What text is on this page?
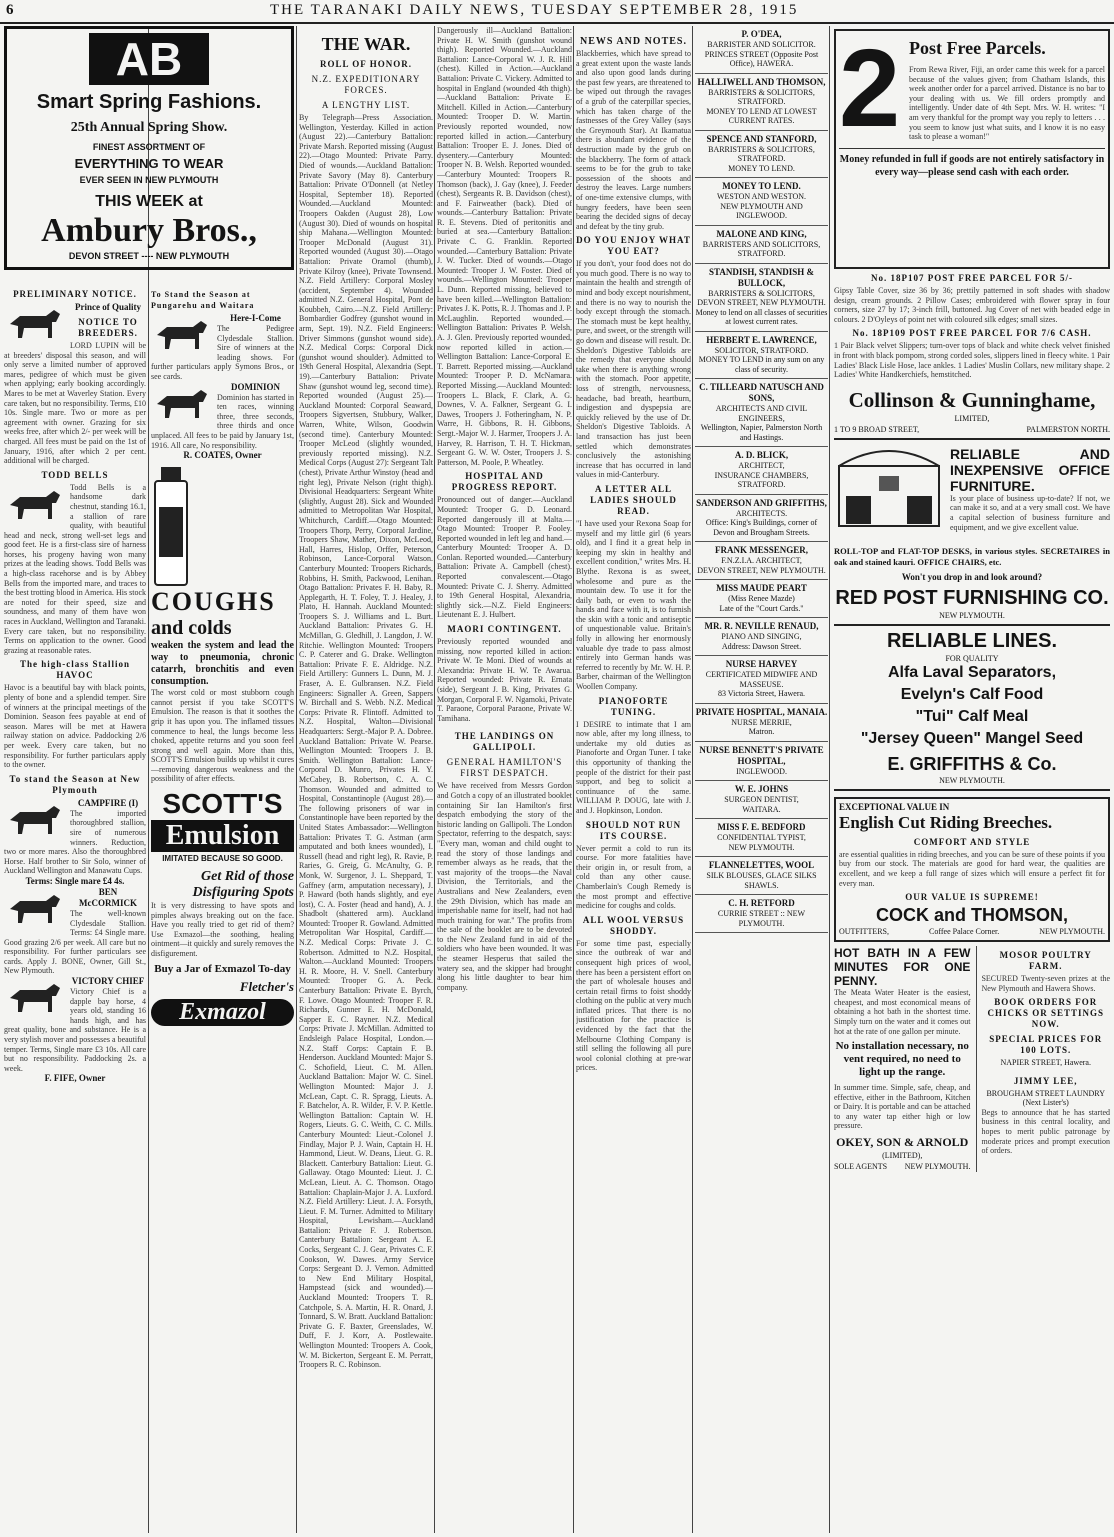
6	THE TARANAKI DAILY NEWS, TUESDAY SEPTEMBER 28, 1915
AB
Smart Spring Fashions.
25th Annual Spring Show.
FINEST ASSORTMENT OF
EVERYTHING TO WEAR
EVER SEEN IN NEW PLYMOUTH
THIS WEEK at
Ambury Bros.,
DEVON STREET ---- NEW PLYMOUTH
PRELIMINARY NOTICE.
Prince of Quality
NOTICE TO BREEDERS.
LORD LUPIN will be at breeders' disposal this season, and will only serve a limited number of approved mares, pedigree of which must be given when applying; early booking accordingly. Mares to be met at Waverley Station. Every care taken, but no responsibility. Terms, £10 10s. Single mare. Two or more as per agreement with owner. Grazing for six weeks free, after which 2/- per week will be charged. All fees must be paid on the 1st of January, 1916, after which 2 per cent. additional will be charged.
TODD BELLS
Todd Bells is a handsome dark chestnut, standing 16.1, a stallion of rare quality, with beautiful head and neck, strong well-set legs and good feet. He is a first-class sire of harness horses, his progeny having won many prizes at the leading shows. Todd Bells was a high-class racehorse and is by Abbey Bells from the imported mare, and traces to the best trotting blood in America. His stock are noted for their speed, size and soundness, and many of them have won races in Auckland, Wellington and Taranaki. Every care taken, but no responsibility. Terms on application to the owner. Good grazing at reasonable rates.
The high-class Stallion HAVOC
Havoc is a beautiful bay with black points, plenty of bone and a splendid temper. Sire of winners at the principal meetings of the Dominion. Season fees payable at end of season. Mares will be met at Hawera railway station on advice. Paddocking 2/6 per week. Every care taken, but no responsibility. For further particulars apply to the owner.
To stand the Season at New Plymouth
CAMPFIRE (I)
The imported thoroughbred stallion, sire of numerous winners. Reduction, two or more mares. Also the thoroughbred Horse. Half brother to Sir Solo, winner of Auckland Wellington and Manawatu Cups.
Terms: Single mare £4 4s.
BEN McCORMICK
The well-known Clydesdale Stallion. Terms: £4 Single mare. Good grazing 2/6 per week. All care but no responsibility. For further particulars see cards. Apply J. BONE, Owner, Gill St., New Plymouth.
VICTORY CHIEF
Victory Chief is a dapple bay horse, 4 years old, standing 16 hands high, and has great quality, bone and substance. He is a very stylish mover and possesses a beautiful temper. Terms, Single mare £3 10s. All care but no responsibility. Paddocking 2s. a week.
F. FIFE, Owner
To Stand the Season at Pungarehu and Waitara
Here-I-Come
The Pedigree Clydesdale Stallion. Sire of winners at the leading shows. For further particulars apply Symons Bros., or see cards.
DOMINION
Dominion has started in ten races, winning three, three seconds, three thirds and once unplaced. All fees to be paid by January 1st, 1916. All care, No responsibility.
R. COATES, Owner
COUGHS
and colds
weaken the system and lead the way to pneumonia, chronic catarrh, bronchitis and even consumption.
The worst cold or most stubborn cough cannot persist if you take SCOTT'S Emulsion. The reason is that it soothes the grip it has upon you. The inflamed tissues commence to heal, the lungs become less choked, appetite returns and you soon feel strong and well again. More than this, SCOTT'S Emulsion builds up whilst it cures—removing dangerous weakness and the possibility of after effects.
SCOTT'S
Emulsion
IMITATED BECAUSE SO GOOD.
Get Rid of those Disfiguring Spots
It is very distressing to have spots and pimples always breaking out on the face. Have you really tried to get rid of them? Use Exmazol—the soothing, healing ointment—it quickly and surely removes the disfigurement.
Buy a Jar of Exmazol To-day
Fletcher's
Exmazol
THE WAR.
ROLL OF HONOR.
N.Z. EXPEDITIONARY FORCES.
A LENGTHY LIST.
By Telegraph—Press Association. Wellington, Yesterday. Killed in action (August 22).—Canterbury Battalion: Private Marsh. Reported missing (August 22).—Otago Mounted: Private Parry. Died of wounds.—Auckland Battalion: Private Savory (May 8). Canterbury Battalion: Private O'Donnell (at Netley Hospital, September 18). Reported Wounded.—Auckland Mounted: Troopers Oakden (August 28), Low (August 30). Died of wounds on hospital ship Mahana.—Wellington Mounted: Trooper McDonald (August 31). Reported wounded (August 30).—Otago Battalion: Private Oramol (thumb), Private Kilroy (knee), Private Townsend. N.Z. Field Artillery: Corporal Mosley (accident, September 4). Wounded admitted N.Z. General Hospital, Pont de Koubbeh, Cairo.—N.Z. Field Artillery: Bombardier Godfrey (gunshot wound in arm, Sept. 19). N.Z. Field Engineers: Driver Simmons (gunshot wound side). N.Z. Medical Corps: Corporal Dick (gunshot wound shoulder). Admitted to 19th General Hospital, Alexandria (Sept. 19).—Canterbury Battalion: Private Shaw (gunshot wound leg, second time). Reported wounded (August 25).—Auckland Mounted: Corporal Seaward, Troopers Sigvertsen, Stubbury, Walker, Warren, White, Wilson, Goodwin (second time). Canterbury Mounted: Trooper McLeod (slightly wounded, previously reported missing). N.Z. Medical Corps (August 27): Sergeant Talt (chest), Private Arthur Winstoy (head and right leg), Private Nelson (right thigh). Divisional Headquarters: Sergeant White (slightly, August 28). Sick and Wounded admitted to Metropolitan War Hospital, Whitchurch, Cardiff.—Otago Mounted: Troopers Thorp, Perry, Corporal Jardine, Troopers Shaw, Mather, Dixon, McLeod, Hall, Harres, Hislop, Orffer, Peterson, Robinson, Lance-Corporal Watson. Canterbury Mounted: Troopers Richards, Robbins, H. Smith, Packwood, Lenihan. Otago Battalion: Privates F. H. Baby, R. Applegarth, H. T. Foley, T. J. Healey, J. Plato, H. Hannah. Auckland Mounted: Troopers S. J. Williams and L. Burt. Auckland Battalion: Privates G. H. McMillan, G. Gledhill, J. Langdon, J. W. Ritchie. Wellington Mounted: Troopers C. P. Caterer and G. Drake. Wellington Battalion: Private F. E. Aldridge. N.Z. Field Artillery: Gunners L. Dunn, M. J. Fraser, A. E. Gulbransen. N.Z. Field Engineers: Signaller A. Green, Sappers W. Birchall and S. Webb. N.Z. Medical Corps: Private R. Flintoff. Admitted to N.Z. Hospital, Walton—Divisional Headquarters: Sergt.-Major P. A. Dobree. Auckland Battalion: Private W. Pearse. Wellington Mounted: Troopers J. B. Smith. Wellington Battalion: Lance-Corporal D. Munro, Privates H. Y. McCabey, B. Robertson, C. A. C. Thomson. Wounded and admitted to Hospital, Constantinople (August 28).—The following prisoners of war in Constantinople have been reported by the United States Ambassador:—Wellington Battalion: Privates T. G. Astman (arm amputated and both knees wounded), I. Russell (head and right leg), R. Ravie, P. Raries, G. Greig, G. McAnulty, G. P. Monk, W. Surgenor, J. L. Sheppard, T. Gaffney (arm, amputation necessary), J. P. Haward (both hands slightly, and eye lost), C. A. Foster (head and hand), A. J. Shadbolt (shattered arm). Auckland Mounted: Trooper R. Gowland. Admitted Metropolitan War Hospital, Cardiff.—N.Z. Medical Corps: Private J. C. Robertson. Admitted to N.Z. Hospital, Walton.—Auckland Mounted: Troopers H. R. Moore, H. V. Snell. Canterbury Mounted: Trooper G. A. Peck. Canterbury Battalion: Private E. Byrch, F. Lowe. Otago Mounted: Trooper F. R. Richards, Gunner E. H. McDonald, Sapper E. C. Rayner. N.Z. Medical Corps: Private J. McMillan. Admitted to Endsleigh Palace Hospital, London.—N.Z. Staff Corps: Captain F. B. Henderson. Auckland Mounted: Major S. C. Schofield, Lieut. C. M. Allen. Auckland Battalion: Major W. C. Sinel. Wellington Mounted: Major J. J. McLean, Capt. C. R. Spragg, Lieuts. A. F. Batchelor, A. R. Wilder, F. V. P. Kettle. Wellington Battalion: Captain W. H. Rogers, Lieuts. G. C. Weith, C. C. Mills. Canterbury Mounted: Lieut.-Colonel J. Findlay, Major P. J. Wain, Captain H. H. Hammond, Lieut. W. Deans, Lieut. G. R. Blackett. Canterbury Battalion: Lieut. G. Gallaway. Otago Mounted: Lieut. J. C. McLean, Lieut. A. C. Thomson. Otago Battalion: Chaplain-Major J. A. Luxford. N.Z. Field Artillery: Lieut. J. A. Forsyth, Lieut. F. M. Turner. Admitted to Military Hospital, Lewisham.—Auckland Battalion: Private F. J. Robertson. Canterbury Battalion: Sergeant A. E. Cocks, Sergeant C. J. Gear, Privates C. F. Cookson, W. Dawes. Army Service Corps: Sergeant D. J. Vernon. Admitted to New End Military Hospital, Hampstead (sick and wounded).—Auckland Mounted: Troopers T. R. Catchpole, S. A. Martin, H. R. Onard, J. Tonnard, S. W. Bratt. Auckland Battalion: Private G. F. Baxter, Greenslades, W. Duff, F. J. Korr, A. Postlewaite. Wellington Mounted: Troopers A. Cook, W. M. Bickerton, Sergeant E. M. Perratt, Troopers R. C. Robinson.
Dangerously ill—Auckland Battalion: Private H. W. Smith (gunshot wound thigh). Reported Wounded.—Auckland Battalion: Lance-Corporal W. J. R. Hill (chest). Killed in Action.—Auckland Battalion: Private C. Vickery. Admitted to hospital in England (wounded 4th thigh).—Auckland Battalion: Private E. Mitchell. Killed in Action.—Canterbury Mounted: Trooper D. W. Martin. Previously reported wounded, now reported killed in action.—Canterbury Battalion: Trooper E. J. Jones. Died of dysentery.—Canterbury Mounted: Trooper N. B. Welsh. Reported wounded.—Canterbury Mounted: Troopers R. Thomson (back), J. Gay (knee), J. Feeder (chest), Sergeants R. B. Davidson (chest), and F. Fairweather (back). Died of wounds.—Canterbury Battalion: Private R. E. Stevens. Died of peritonitis and buried at sea.—Canterbury Battalion: Private C. G. Franklin. Reported wounded.—Canterbury Battalion: Private J. W. Tucker. Died of wounds.—Otago Mounted: Trooper J. W. Foster. Died of wounds.—Wellington Mounted: Trooper L. Dunn. Reported missing, believed to have been killed.—Wellington Battalion: Privates J. K. Potts, R. J. Thomas and J. P. McLaughlin. Reported wounded.—Wellington Battalion: Privates P. Welsh, A. J. Glen. Previously reported wounded, now reported killed in action.—Wellington Battalion: Lance-Corporal E. T. Barrett. Reported missing.—Auckland Mounted: Trooper P. D. McNamara. Reported Missing.—Auckland Mounted: Troopers L. Black, F. Clark, A. G. Downes, V. A. Falkner, Sergeant G. I. Dawes, Troopers J. Fotheringham, N. P. Warre, H. Gibbons, R. H. Gibbons, Sergt.-Major W. J. Harmer, Troopers J. A. Harvey, R. Harrison, T. H. T. Hickman, Sergeant G. W. W. Oster, Troopers J. S. Patterson, M. Poole, P. Wheatley.
HOSPITAL AND PROGRESS REPORT.
Pronounced out of danger.—Auckland Mounted: Trooper G. D. Leonard. Reported dangerously ill at Malta.—Otago Mounted: Trooper P. Fooley. Reported wounded in left leg and hand.—Canterbury Mounted: Trooper A. D. Conlan. Reported wounded.—Canterbury Battalion: Private A. Campbell (chest). Reported convalescent.—Otago Mounted: Private C. J. Sherry. Admitted to 19th General Hospital, Alexandria, slightly sick.—N.Z. Field Engineers: Lieutenant E. J. Hulbert.
MAORI CONTINGENT.
Previously reported wounded and missing, now reported killed in action: Private W. Te Moni. Died of wounds at Alexandria: Private H. W. Te Awarua. Reported wounded: Private R. Ernata (side), Sergeant J. B. King, Privates G. Morgan, Corporal F. W. Ngamoki, Private T. Paraone, Corporal Paraone, Private W. Tamihana.
THE LANDINGS ON GALLIPOLI.
GENERAL HAMILTON'S FIRST DESPATCH.
We have received from Messrs Gordon and Gotch a copy of an illustrated booklet containing Sir Ian Hamilton's first despatch embodying the story of the historic landing on Gallipoli. The London Spectator, referring to the despatch, says: "Every man, woman and child ought to read the story of those landings and remember always as he reads, that the vast majority of the troops—the Naval Division, the Territorials, and the Australians and New Zealanders, even the 29th Division, which has made an imperishable name for itself, had not had much training for war." The profits from the sale of the booklet are to be devoted to the New Zealand fund in aid of the soldiers who have been wounded. It was the steamer Hesperus that sailed the watery sea, and the skipper had brought along his little daughter to bear him company.
NEWS AND NOTES.
Blackberries, which have spread to a great extent upon the waste lands and also upon good lands during the past few years, are threatened to be wiped out through the ravages of a grub of the caterpillar species, which has taken charge of the fastnesses of the Grey Valley (says the Greymouth Star). At Ikamatua there is abundant evidence of the destruction made by the grub on the blackberry. The form of attack seems to be for the grub to take possession of the shoots and destroy the leaves. Large numbers of one-time extensive clumps, with hungry feeders, have been seen bearing the decided signs of decay and defeat by the tiny grub.
DO YOU ENJOY WHAT YOU EAT?
If you don't, your food does not do you much good. There is no way to maintain the health and strength of mind and body except nourishment, and there is no way to nourish the body except through the stomach. The stomach must be kept healthy, pure, and sweet, or the strength will go down and disease will result. Dr. Sheldon's Digestive Tabloids are the remedy that everyone should take when there is anything wrong with the stomach. Poor appetite, loss of strength, nervousness, headache, bad breath, heartburn, indigestion and dyspepsia are quickly relieved by the use of Dr. Sheldon's Digestive Tabloids. A land transaction has just been settled which demonstrates conclusively the astonishing increase that has occurred in land values in mid-Canterbury.
A LETTER ALL LADIES SHOULD READ.
"I have used your Rexona Soap for myself and my little girl (6 years old), and I find it a great help in keeping my skin in healthy and excellent condition," writes Mrs. H. Blythe. Rexona is as sweet, wholesome and pure as the mountain dew. To use it for the daily bath, or even to wash the hands and face with it, is to furnish the skin with a tonic and antiseptic of unquestionable value. Britain's folly in allowing her enormously valuable dye trade to pass almost entirely into German hands was referred to recently by Mr. W. H. P. Barber, chairman of the Wellington Woollen Company.
PIANOFORTE TUNING.
I DESIRE to intimate that I am now able, after my long illness, to undertake my old duties as Pianoforte and Organ Tuner. I take this opportunity of thanking the people of the district for their past support, and beg to solicit a continuance of the same. WILLIAM P. DOUG, late with J. and J. Hopkinson, London.
SHOULD NOT RUN ITS COURSE.
Never permit a cold to run its course. For more fatalities have their origin in, or result from, a cold than any other cause. Chamberlain's Cough Remedy is the most prompt and effective medicine for coughs and colds.
ALL WOOL VERSUS SHODDY.
For some time past, especially since the outbreak of war and consequent high prices of wool, there has been a persistent effort on the part of wholesale houses and certain retail firms to foist shoddy clothing on the public at very much inflated prices. That there is no justification for the practice is evidenced by the fact that the Melbourne Clothing Company is still selling the following all pure wool colonial clothing at pre-war prices.
P. O'DEA,
BARRISTER AND SOLICITOR.
PRINCES STREET (Opposite Post Office), HAWERA.
HALLIWELL AND THOMSON,
BARRISTERS & SOLICITORS, STRATFORD.
MONEY TO LEND AT LOWEST CURRENT RATES.
SPENCE AND STANFORD,
BARRISTERS & SOLICITORS, STRATFORD.
MONEY TO LEND.
MONEY TO LEND.
WESTON AND WESTON.
NEW PLYMOUTH AND INGLEWOOD.
MALONE AND KING,
BARRISTERS AND SOLICITORS, STRATFORD.
STANDISH, STANDISH & BULLOCK,
BARRISTERS & SOLICITORS, DEVON STREET, NEW PLYMOUTH.
Money to lend on all classes of securities at lowest current rates.
HERBERT E. LAWRENCE,
SOLICITOR, STRATFORD.
MONEY TO LEND in any sum on any class of security.
C. TILLEARD NATUSCH AND SONS,
ARCHITECTS AND CIVIL ENGINEERS,
Wellington, Napier, Palmerston North and Hastings.
A. D. BLICK,
ARCHITECT,
INSURANCE CHAMBERS, STRATFORD.
SANDERSON AND GRIFFITHS,
ARCHITECTS.
Office: King's Buildings, corner of Devon and Brougham Streets.
FRANK MESSENGER,
F.N.Z.I.A. ARCHITECT,
DEVON STREET, NEW PLYMOUTH.
MISS MAUDE PEART
(Miss Renee Mazde)
Late of the "Court Cards."
MR. R. NEVILLE RENAUD,
PIANO AND SINGING,
Address: Dawson Street.
NURSE HARVEY
CERTIFICATED MIDWIFE AND MASSEUSE.
83 Victoria Street, Hawera.
PRIVATE HOSPITAL, MANAIA.
NURSE MERRIE,
Matron.
NURSE BENNETT'S PRIVATE HOSPITAL,
INGLEWOOD.
W. E. JOHNS
SURGEON DENTIST,
WAITARA.
MISS F. E. BEDFORD
CONFIDENTIAL TYPIST,
NEW PLYMOUTH.
FLANNELETTES, WOOL
SILK BLOUSES, GLACE SILKS
SHAWLS.
C. H. RETFORD
CURRIE STREET :: NEW PLYMOUTH.
2 Post Free Parcels.
From Rewa River, Fiji, an order came this week for a parcel because of the values given; from Chatham Islands, this week another order for a parcel arrived. Distance is no bar to your dealing with us. We fill orders promptly and intelligently. Under date of 4th Sept. Mrs. W. H. writes: "I am very thankful for the prompt way you reply to letters . . . you seem to know just what suits, and I know it is no easy task to please a woman!"
Money refunded in full if goods are not entirely satisfactory in every way—please send cash with each order.
No. 18P107 POST FREE PARCEL FOR 5/-
Gipsy Table Cover, size 36 by 36; prettily patterned in soft shades with shadow design, cream grounds. 2 Pillow Cases; embroidered with flower spray in four corners, size 27 by 17; 3-inch frill, buttoned. Jug Cover of net with beaded edge in colours. 2 D'Oyleys of point net with coloured silk edges; small sizes.
No. 18P109 POST FREE PARCEL FOR 7/6 CASH.
1 Pair Black velvet Slippers; turn-over tops of black and white check velvet finished in front with black pompom, strong corded soles, slippers lined in fleecy white. 1 Pair Ladies' Black Lisle Hose, lace ankles. 1 Ladies' Muslin Collars, new military shape. 2 Ladies' White Handkerchiefs, hemstitched.
Collinson & Gunninghame,
LIMITED,
1 TO 9 BROAD STREET,	PALMERSTON NORTH.
RELIABLE AND INEXPENSIVE OFFICE FURNITURE.
Is your place of business up-to-date? If not, we can make it so, and at a very small cost. We have a capital selection of business furniture and equipment, and we give excellent value.
ROLL-TOP and FLAT-TOP DESKS, in various styles. SECRETAIRES in oak and stained kauri. OFFICE CHAIRS, etc.
Won't you drop in and look around?
RED POST FURNISHING CO.
NEW PLYMOUTH.
RELIABLE LINES.
FOR QUALITY
Alfa Laval Separators,
Evelyn's Calf Food
"Tui" Calf Meal
"Jersey Queen" Mangel Seed
E. GRIFFITHS & Co.
NEW PLYMOUTH.
EXCEPTIONAL VALUE IN
English Cut Riding Breeches.
COMFORT AND STYLE
are essential qualities in riding breeches, and you can be sure of these points if you buy from our stock. The materials are good for hard wear, the qualities are excellent, and we keep a full range of sizes which will ensure a perfect fit for every man.
OUR VALUE IS SUPREME!
COCK and THOMSON,
OUTFITTERS,	Coffee Palace Corner.	NEW PLYMOUTH.
HOT BATH IN A FEW MINUTES FOR ONE PENNY.
The Meata Water Heater is the easiest, cheapest, and most economical means of obtaining a hot bath in the shortest time. Simply turn on the water and it comes out hot at the rate of one gallon per minute.
No installation necessary, no vent required, no need to light up the range.
In summer time. Simple, safe, cheap, and effective, either in the Bathroom, Kitchen or Dairy. It is portable and can be attached to any water tap either high or low pressure.
OKEY, SON & ARNOLD
(LIMITED),
SOLE AGENTS NEW PLYMOUTH.
MOSOR POULTRY FARM.
SECURED Twenty-seven prizes at the New Plymouth and Hawera Shows.
BOOK ORDERS FOR CHICKS OR SETTINGS NOW.
SPECIAL PRICES FOR 100 LOTS.
NAPIER STREET, Hawera.
JIMMY LEE,
BROUGHAM STREET LAUNDRY (Next Lister's)
Begs to announce that he has started business in this central locality, and hopes to merit public patronage by moderate prices and prompt execution of orders.
